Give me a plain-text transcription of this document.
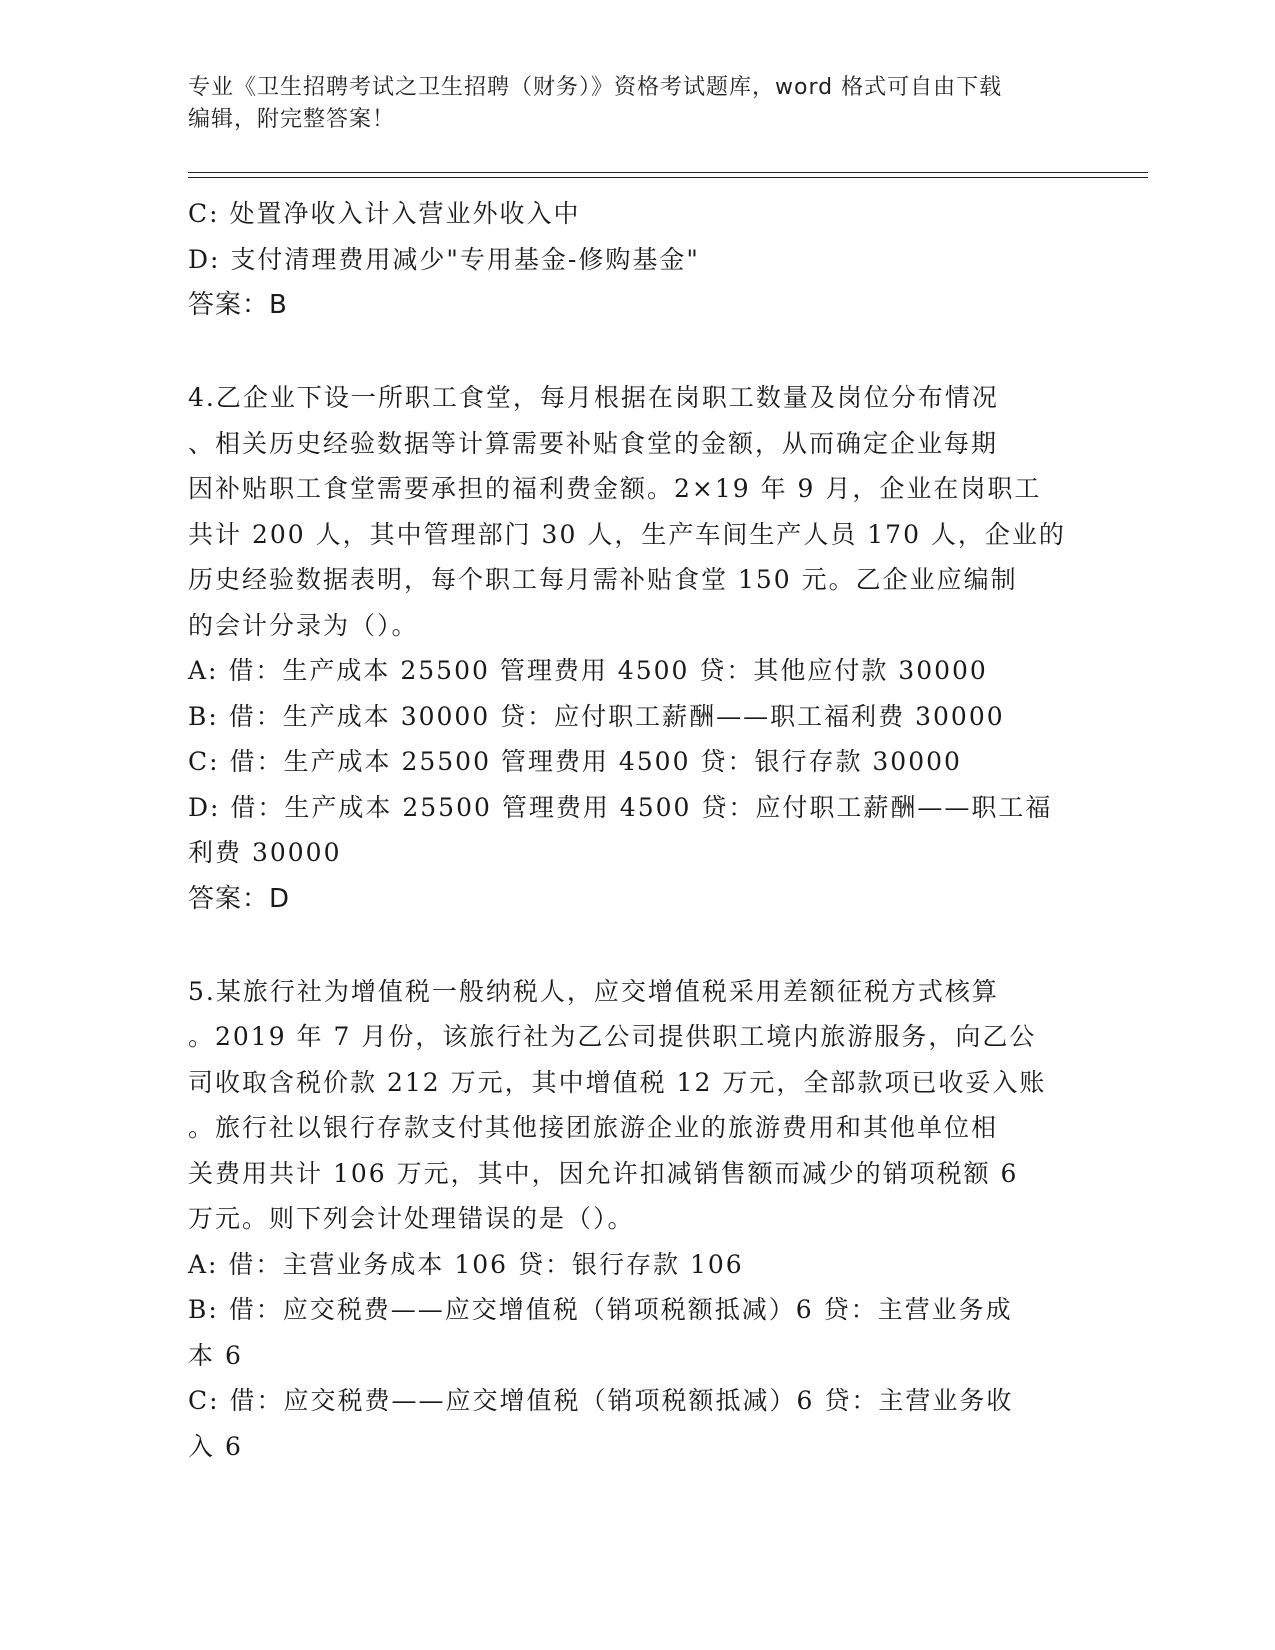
专业《卫生招聘考试之卫生招聘（财务）》资格考试题库，word 格式可自由下载
编辑，附完整答案！
C: 处置净收入计入营业外收入中
D: 支付清理费用减少"专用基金-修购基金"
答案：B
4.乙企业下设一所职工食堂，每月根据在岗职工数量及岗位分布情况
、相关历史经验数据等计算需要补贴食堂的金额，从而确定企业每期
因补贴职工食堂需要承担的福利费金额。2×19 年 9 月，企业在岗职工
共计 200 人，其中管理部门 30 人，生产车间生产人员 170 人，企业的
历史经验数据表明，每个职工每月需补贴食堂 150 元。乙企业应编制
的会计分录为（）。
A: 借：生产成本 25500 管理费用 4500 贷：其他应付款 30000
B: 借：生产成本 30000 贷：应付职工薪酬——职工福利费 30000
C: 借：生产成本 25500 管理费用 4500 贷：银行存款 30000
D: 借：生产成本 25500 管理费用 4500 贷：应付职工薪酬——职工福
利费 30000
答案：D
5.某旅行社为增值税一般纳税人，应交增值税采用差额征税方式核算
。2019 年 7 月份，该旅行社为乙公司提供职工境内旅游服务，向乙公
司收取含税价款 212 万元，其中增值税 12 万元，全部款项已收妥入账
。旅行社以银行存款支付其他接团旅游企业的旅游费用和其他单位相
关费用共计 106 万元，其中，因允许扣减销售额而减少的销项税额 6
万元。则下列会计处理错误的是（）。
A: 借：主营业务成本 106 贷：银行存款 106
B: 借：应交税费——应交增值税（销项税额抵减）6 贷：主营业务成
本 6
C: 借：应交税费——应交增值税（销项税额抵减）6 贷：主营业务收
入 6
